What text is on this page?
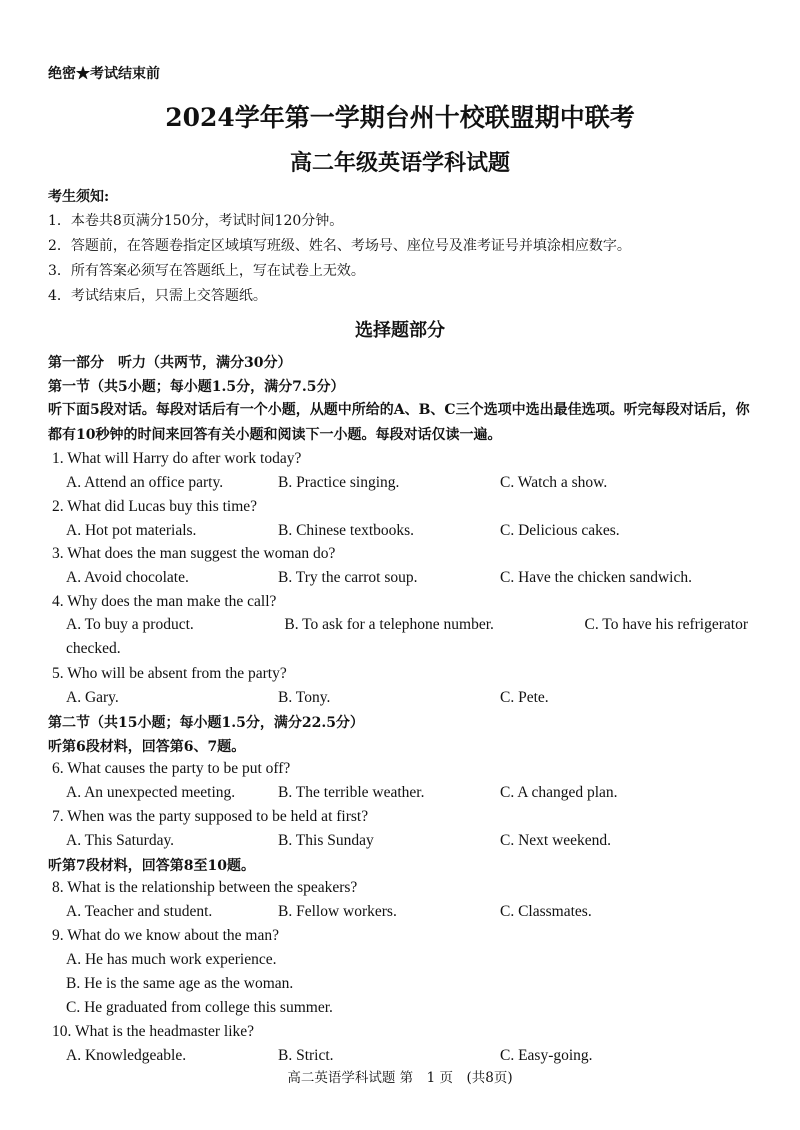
绝密★考试结束前
2024学年第一学期台州十校联盟期中联考
高二年级英语学科试题
考生须知:
1．本卷共8页满分150分，考试时间120分钟。
2．答题前，在答题卷指定区域填写班级、姓名、考场号、座位号及准考证号并填涂相应数字。
3．所有答案必须写在答题纸上，写在试卷上无效。
4．考试结束后，只需上交答题纸。
选择题部分
第一部分　听力（共两节，满分30分）
第一节（共5小题；每小题1.5分，满分7.5分）
听下面5段对话。每段对话后有一个小题，从题中所给的A、B、C三个选项中选出最佳选项。听完每段对话后，你都有10秒钟的时间来回答有关小题和阅读下一小题。每段对话仅读一遍。
1. What will Harry do after work today?
A. Attend an office party.	B. Practice singing.	C. Watch a show.
2. What did Lucas buy this time?
A. Hot pot materials.	B. Chinese textbooks.	C. Delicious cakes.
3. What does the man suggest the woman do?
A. Avoid chocolate.	B. Try the carrot soup.	C. Have the chicken sandwich.
4. Why does the man make the call?
A. To buy a product.	B. To ask for a telephone number.	C. To have his refrigerator
checked.
5. Who will be absent from the party?
A. Gary.	B. Tony.	C. Pete.
第二节（共15小题；每小题1.5分，满分22.5分）
听第6段材料，回答第6、7题。
6. What causes the party to be put off?
A. An unexpected meeting.	B. The terrible weather.	C. A changed plan.
7. When was the party supposed to be held at first?
A. This Saturday.	B. This Sunday	C. Next weekend.
听第7段材料，回答第8至10题。
8. What is the relationship between the speakers?
A. Teacher and student.	B. Fellow workers.	C. Classmates.
9. What do we know about the man?
A. He has much work experience.
B. He is the same age as the woman.
C. He graduated from college this summer.
10. What is the headmaster like?
A. Knowledgeable.	B. Strict.	C. Easy-going.
高二英语学科试题 第　1 页　(共8页)
